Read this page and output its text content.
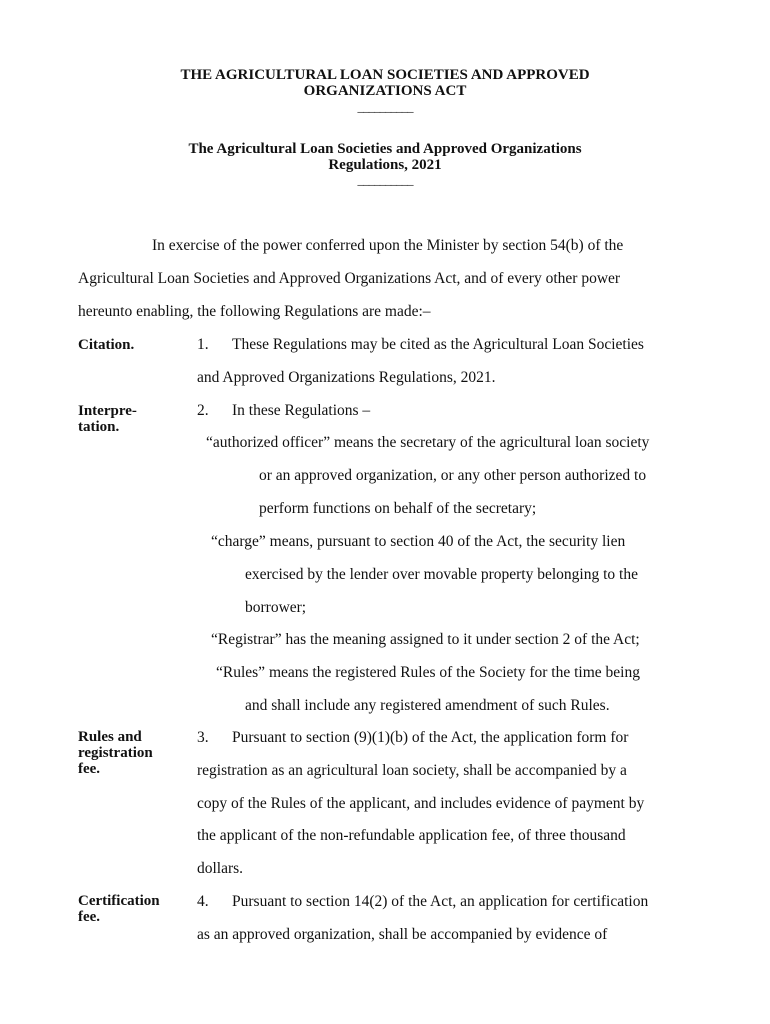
THE AGRICULTURAL LOAN SOCIETIES AND APPROVED
ORGANIZATIONS ACT
__________
The Agricultural Loan Societies and Approved Organizations
Regulations, 2021
__________
In exercise of the power conferred upon the Minister by section 54(b) of the
Agricultural Loan Societies and Approved Organizations Act, and of every other power
hereunto enabling, the following Regulations are made:–
Citation.	1. These Regulations may be cited as the Agricultural Loan Societies
and Approved Organizations Regulations, 2021.
Interpre-
tation.
2. In these Regulations –
“authorized officer” means the secretary of the agricultural loan society
or an approved organization, or any other person authorized to
perform functions on behalf of the secretary;
“charge” means, pursuant to section 40 of the Act, the security lien
exercised by the lender over movable property belonging to the
borrower;
“Registrar” has the meaning assigned to it under section 2 of the Act;
“Rules” means the registered Rules of the Society for the time being
and shall include any registered amendment of such Rules.
Rules and
registration
fee.
3. Pursuant to section (9)(1)(b) of the Act, the application form for
registration as an agricultural loan society, shall be accompanied by a
copy of the Rules of the applicant, and includes evidence of payment by
the applicant of the non-refundable application fee, of three thousand
dollars.
Certification
fee.
4. Pursuant to section 14(2) of the Act, an application for certification
as an approved organization, shall be accompanied by evidence of
